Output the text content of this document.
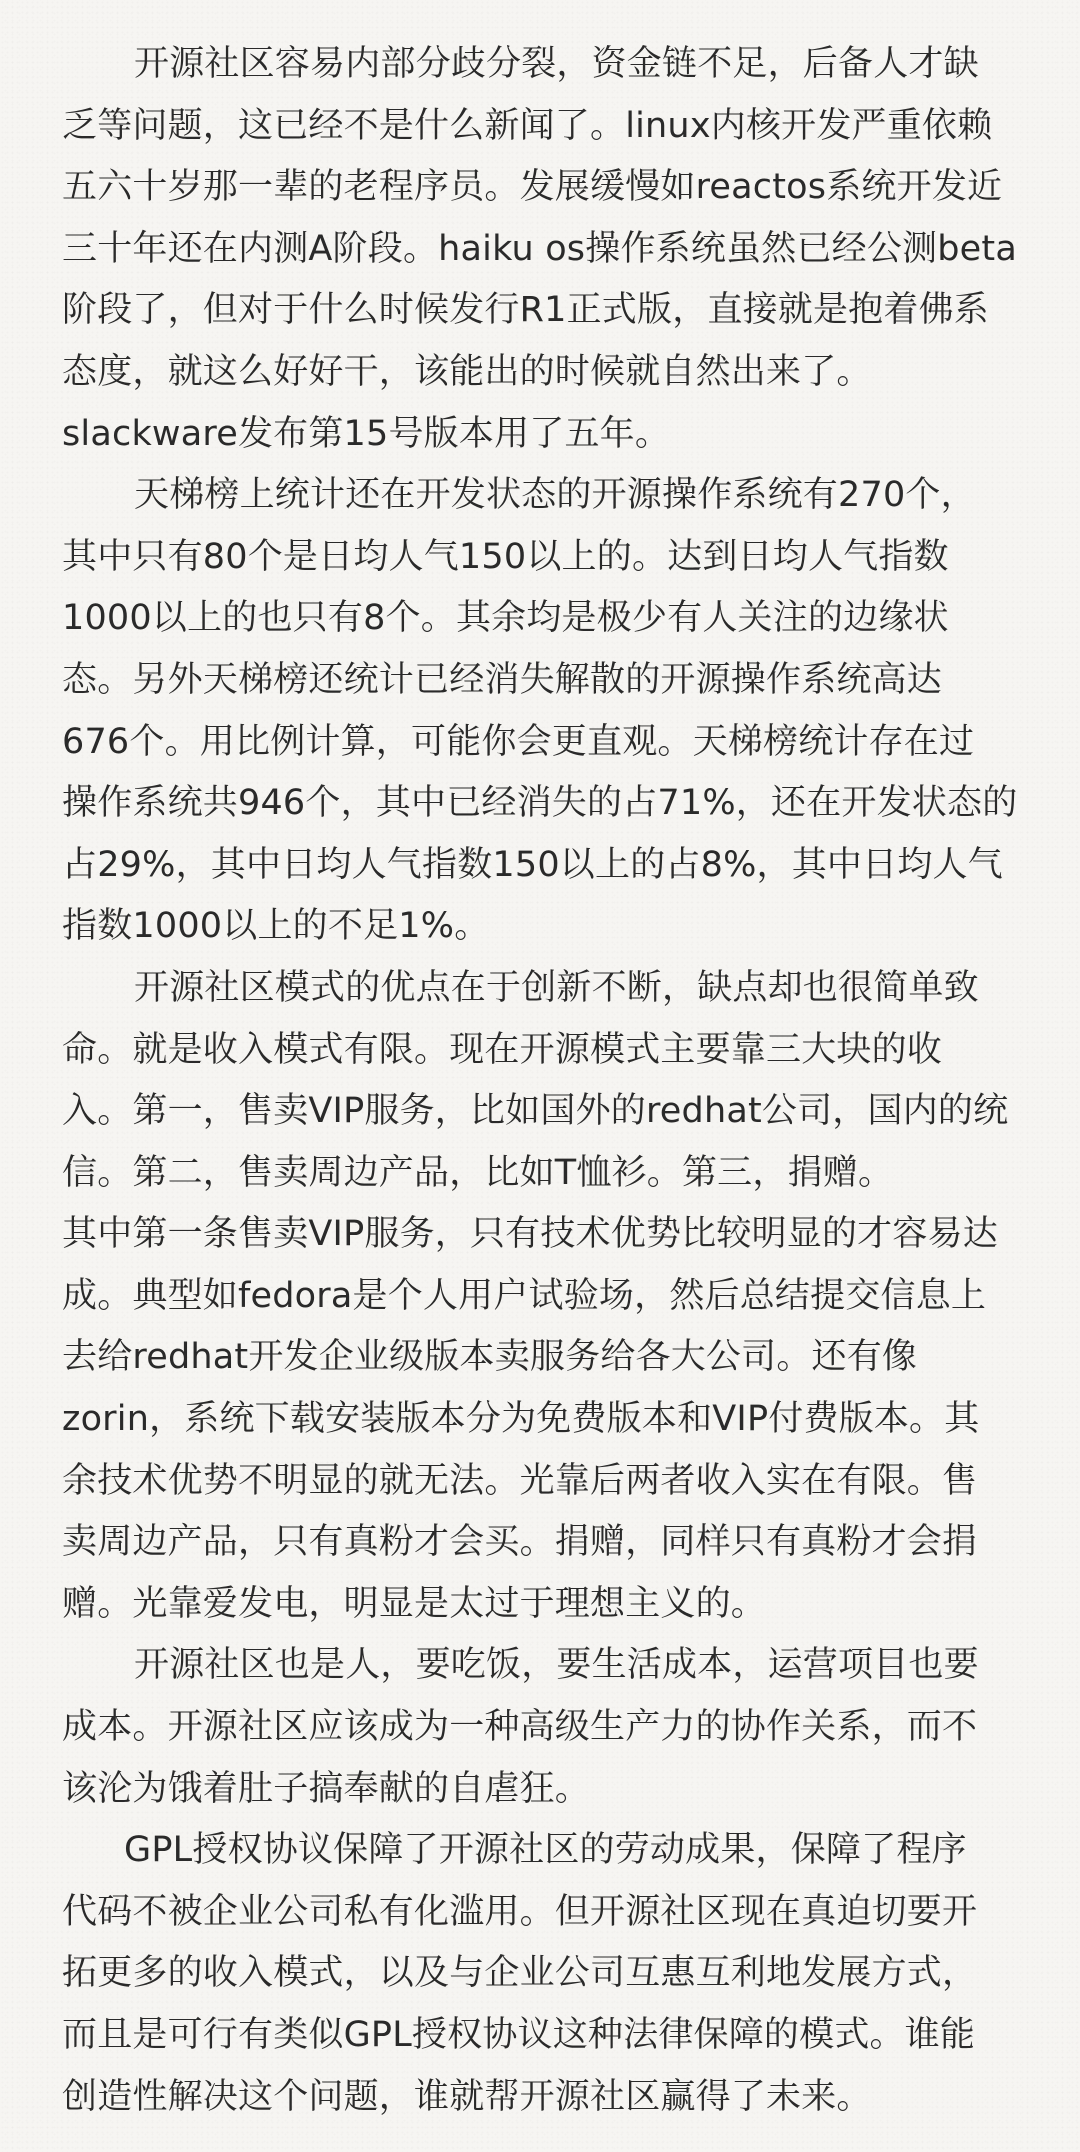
开源社区容易内部分歧分裂，资金链不足，后备人才缺
乏等问题，这已经不是什么新闻了。linux内核开发严重依赖
五六十岁那一辈的老程序员。发展缓慢如reactos系统开发近
三十年还在内测A阶段。haiku os操作系统虽然已经公测beta
阶段了，但对于什么时候发行R1正式版，直接就是抱着佛系
态度，就这么好好干，该能出的时候就自然出来了。
slackware发布第15号版本用了五年。
天梯榜上统计还在开发状态的开源操作系统有270个，
其中只有80个是日均人气150以上的。达到日均人气指数
1000以上的也只有8个。其余均是极少有人关注的边缘状
态。另外天梯榜还统计已经消失解散的开源操作系统高达
676个。用比例计算，可能你会更直观。天梯榜统计存在过
操作系统共946个，其中已经消失的占71%，还在开发状态的
占29%，其中日均人气指数150以上的占8%，其中日均人气
指数1000以上的不足1%。
开源社区模式的优点在于创新不断，缺点却也很简单致
命。就是收入模式有限。现在开源模式主要靠三大块的收
入。第一，售卖VIP服务，比如国外的redhat公司，国内的统
信。第二，售卖周边产品，比如T恤衫。第三，捐赠。
其中第一条售卖VIP服务，只有技术优势比较明显的才容易达
成。典型如fedora是个人用户试验场，然后总结提交信息上
去给redhat开发企业级版本卖服务给各大公司。还有像
zorin，系统下载安装版本分为免费版本和VIP付费版本。其
余技术优势不明显的就无法。光靠后两者收入实在有限。售
卖周边产品，只有真粉才会买。捐赠，同样只有真粉才会捐
赠。光靠爱发电，明显是太过于理想主义的。
开源社区也是人，要吃饭，要生活成本，运营项目也要
成本。开源社区应该成为一种高级生产力的协作关系，而不
该沦为饿着肚子搞奉献的自虐狂。
GPL授权协议保障了开源社区的劳动成果，保障了程序
代码不被企业公司私有化滥用。但开源社区现在真迫切要开
拓更多的收入模式，以及与企业公司互惠互利地发展方式，
而且是可行有类似GPL授权协议这种法律保障的模式。谁能
创造性解决这个问题，谁就帮开源社区赢得了未来。
